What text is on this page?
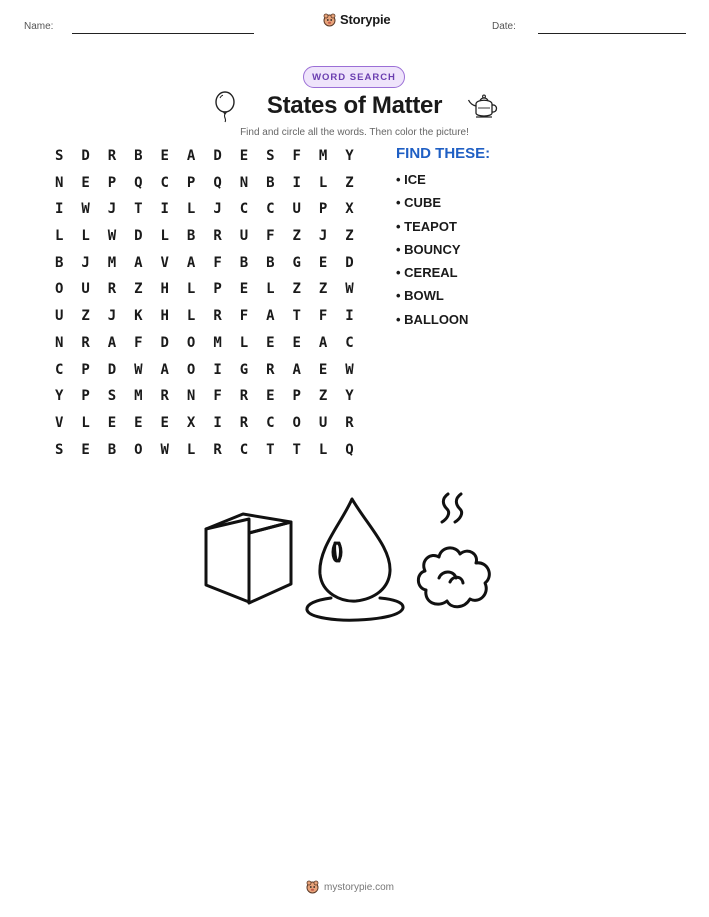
Name:	Storypie	Date:
WORD SEARCH
States of Matter
Find and circle all the words. Then color the picture!
S	D	R	B	E	A	D	E	S	F	M	Y
N	E	P	Q	C	P	Q	N	B	I	L	Z
I	W	J	T	I	L	J	C	C	U	P	X
L	L	W	D	L	B	R	U	F	Z	J	Z
B	J	M	A	V	A	F	B	B	G	E	D
O	U	R	Z	H	L	P	E	L	Z	Z	W
U	Z	J	K	H	L	R	F	A	T	F	I
N	R	A	F	D	O	M	L	E	E	A	C
C	P	D	W	A	O	I	G	R	A	E	W
Y	P	S	M	R	N	F	R	E	P	Z	Y
V	L	E	E	E	X	I	R	C	O	U	R
S	E	B	O	W	L	R	C	T	T	L	Q
FIND THESE:
• ICE
• CUBE
• TEAPOT
• BOUNCY
• CEREAL
• BOWL
• BALLOON
mystorypie.com
